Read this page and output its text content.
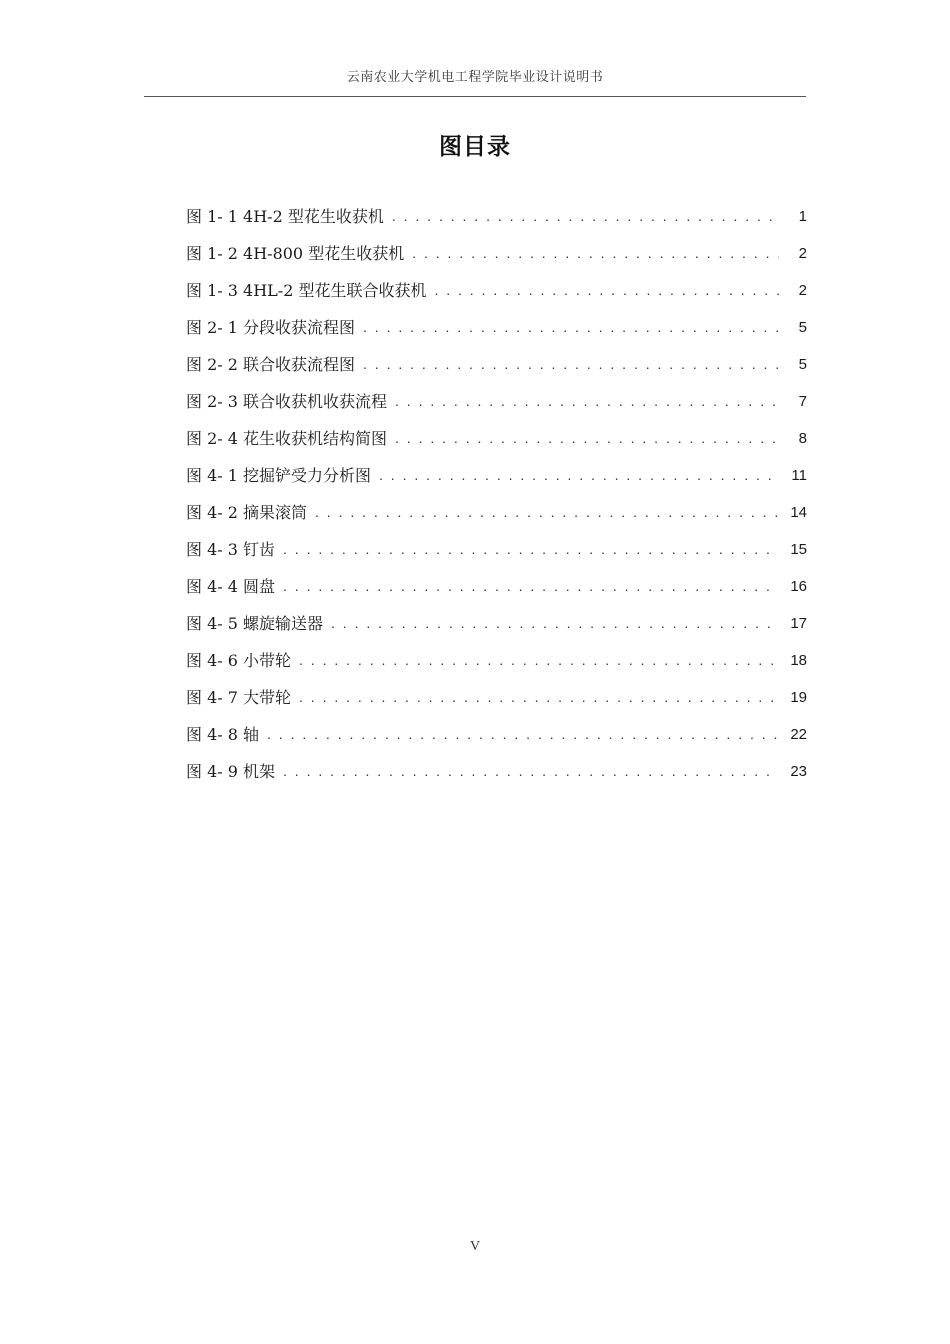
云南农业大学机电工程学院毕业设计说明书
图目录
图 1- 1 4H-2 型花生收获机 . . .	1
图 1- 2 4H-800 型花生收获机 . . .	2
图 1- 3 4HL-2 型花生联合收获机 . . .	2
图 2- 1 分段收获流程图 . . .	5
图 2- 2 联合收获流程图 . . .	5
图 2- 3 联合收获机收获流程 . . .	7
图 2- 4 花生收获机结构简图 . . .	8
图 4- 1 挖掘铲受力分析图 . . .	11
图 4- 2 摘果滚筒 . . .	14
图 4- 3 钉齿 . . .	15
图 4- 4 圆盘 . . .	16
图 4- 5 螺旋输送器 . . .	17
图 4- 6 小带轮 . . .	18
图 4- 7 大带轮 . . .	19
图 4- 8 轴 . . .	22
图 4- 9 机架 . . .	23
V
